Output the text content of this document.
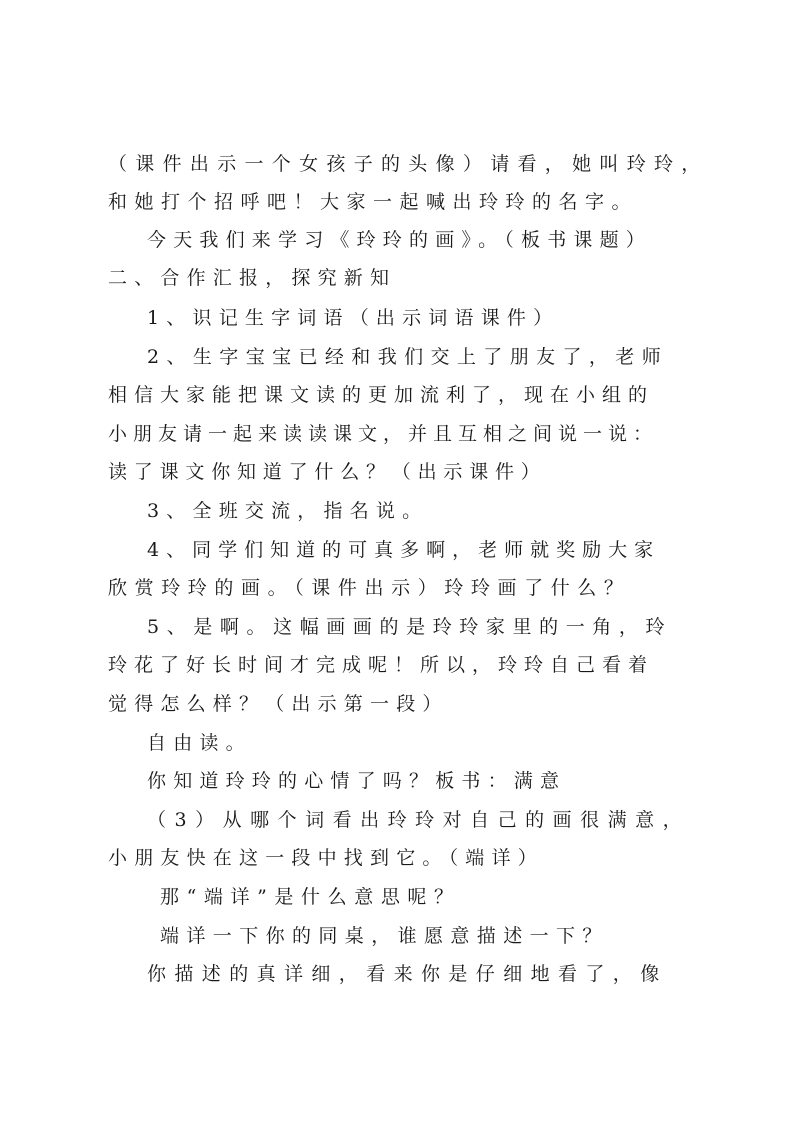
（课件出示一个女孩子的头像）请看，她叫玲玲，
和她打个招呼吧！大家一起喊出玲玲的名字。
今天我们来学习《玲玲的画》。（板书课题）
二、合作汇报，探究新知
1、识记生字词语（出示词语课件）
2、生字宝宝已经和我们交上了朋友了，老师
相信大家能把课文读的更加流利了，现在小组的
小朋友请一起来读读课文，并且互相之间说一说：
读了课文你知道了什么？（出示课件）
3、全班交流，指名说。
4、同学们知道的可真多啊，老师就奖励大家
欣赏玲玲的画。（课件出示）玲玲画了什么？
5、是啊。这幅画画的是玲玲家里的一角，玲
玲花了好长时间才完成呢！所以，玲玲自己看着
觉得怎么样？（出示第一段）
自由读。
你知道玲玲的心情了吗？板书：满意
（3）从哪个词看出玲玲对自己的画很满意，
小朋友快在这一段中找到它。（端详）
那“端详”是什么意思呢？
端详一下你的同桌，谁愿意描述一下？
你描述的真详细，看来你是仔细地看了，像
